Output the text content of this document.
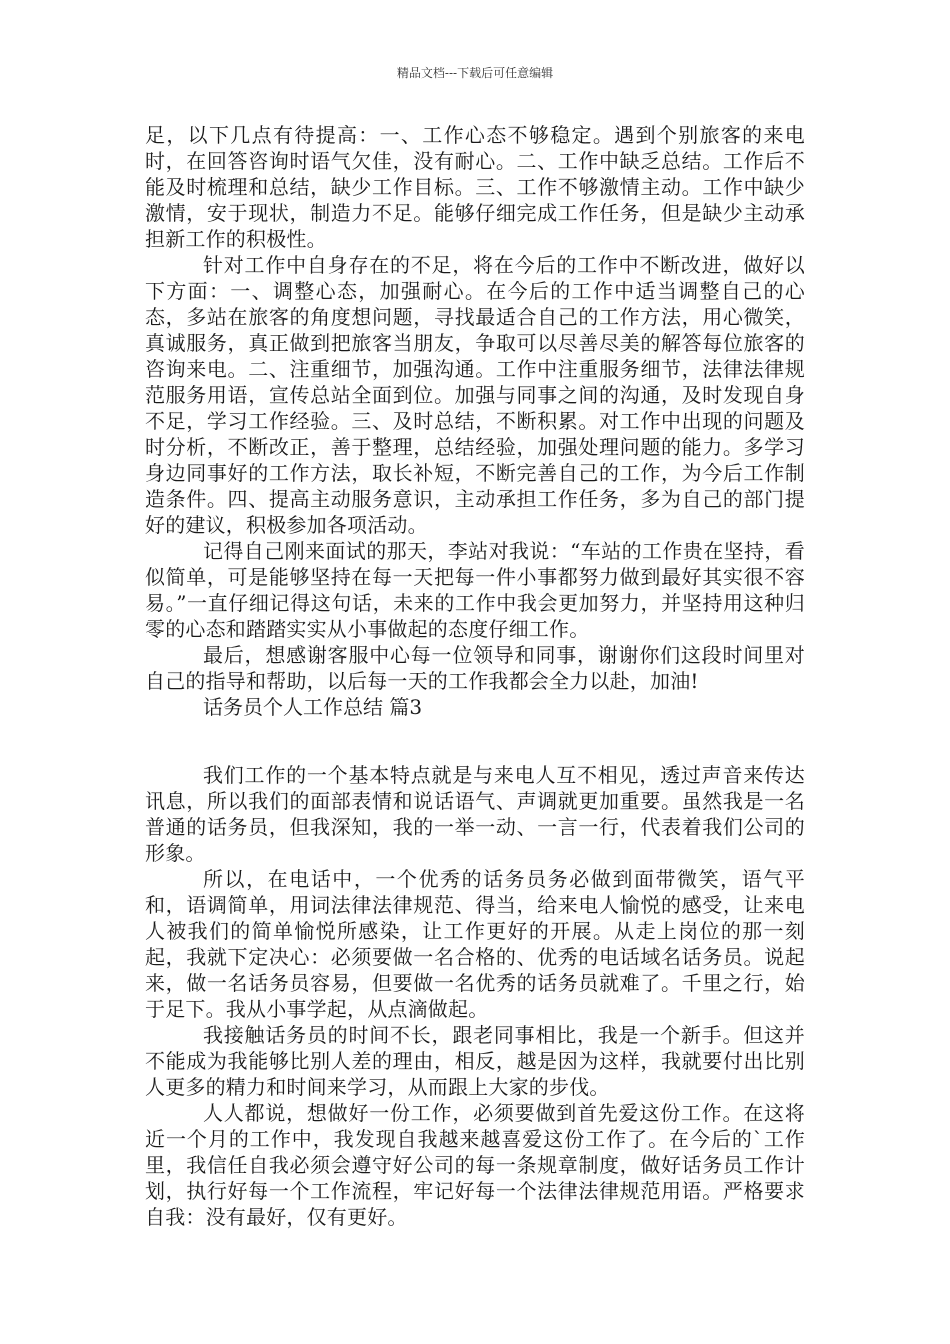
精品文档---下载后可任意编辑

足，以下几点有待提高：一、工作心态不够稳定。遇到个别旅客的来电时，在回答咨询时语气欠佳，没有耐心。二、工作中缺乏总结。工作后不能及时梳理和总结，缺少工作目标。三、工作不够激情主动。工作中缺少激情，安于现状，制造力不足。能够仔细完成工作任务，但是缺少主动承担新工作的积极性。

针对工作中自身存在的不足，将在今后的工作中不断改进，做好以下方面：一、调整心态，加强耐心。在今后的工作中适当调整自己的心态，多站在旅客的角度想问题，寻找最适合自己的工作方法，用心微笑，真诚服务，真正做到把旅客当朋友，争取可以尽善尽美的解答每位旅客的咨询来电。二、注重细节，加强沟通。工作中注重服务细节，法律法律规范服务用语，宣传总站全面到位。加强与同事之间的沟通，及时发现自身不足，学习工作经验。三、及时总结，不断积累。对工作中出现的问题及时分析，不断改正，善于整理，总结经验，加强处理问题的能力。多学习身边同事好的工作方法，取长补短，不断完善自己的工作，为今后工作制造条件。四、提高主动服务意识，主动承担工作任务，多为自己的部门提好的建议，积极参加各项活动。

记得自己刚来面试的那天，李站对我说：“车站的工作贵在坚持，看似简单，可是能够坚持在每一天把每一件小事都努力做到最好其实很不容易。”一直仔细记得这句话，未来的工作中我会更加努力，并坚持用这种归零的心态和踏踏实实从小事做起的态度仔细工作。

最后，想感谢客服中心每一位领导和同事，谢谢你们这段时间里对自己的指导和帮助，以后每一天的工作我都会全力以赴，加油!

话务员个人工作总结 篇3

我们工作的一个基本特点就是与来电人互不相见，透过声音来传达讯息，所以我们的面部表情和说话语气、声调就更加重要。虽然我是一名普通的话务员，但我深知，我的一举一动、一言一行，代表着我们公司的形象。

所以，在电话中，一个优秀的话务员务必做到面带微笑，语气平和，语调简单，用词法律法律规范、得当，给来电人愉悦的感受，让来电人被我们的简单愉悦所感染，让工作更好的开展。从走上岗位的那一刻起，我就下定决心：必须要做一名合格的、优秀的电话域名话务员。说起来，做一名话务员容易，但要做一名优秀的话务员就难了。千里之行，始于足下。我从小事学起，从点滴做起。

我接触话务员的时间不长，跟老同事相比，我是一个新手。但这并不能成为我能够比别人差的理由，相反，越是因为这样，我就要付出比别人更多的精力和时间来学习，从而跟上大家的步伐。

人人都说，想做好一份工作，必须要做到首先爱这份工作。在这将近一个月的工作中，我发现自我越来越喜爱这份工作了。在今后的`工作里，我信任自我必须会遵守好公司的每一条规章制度，做好话务员工作计划，执行好每一个工作流程，牢记好每一个法律法律规范用语。严格要求自我：没有最好，仅有更好。
